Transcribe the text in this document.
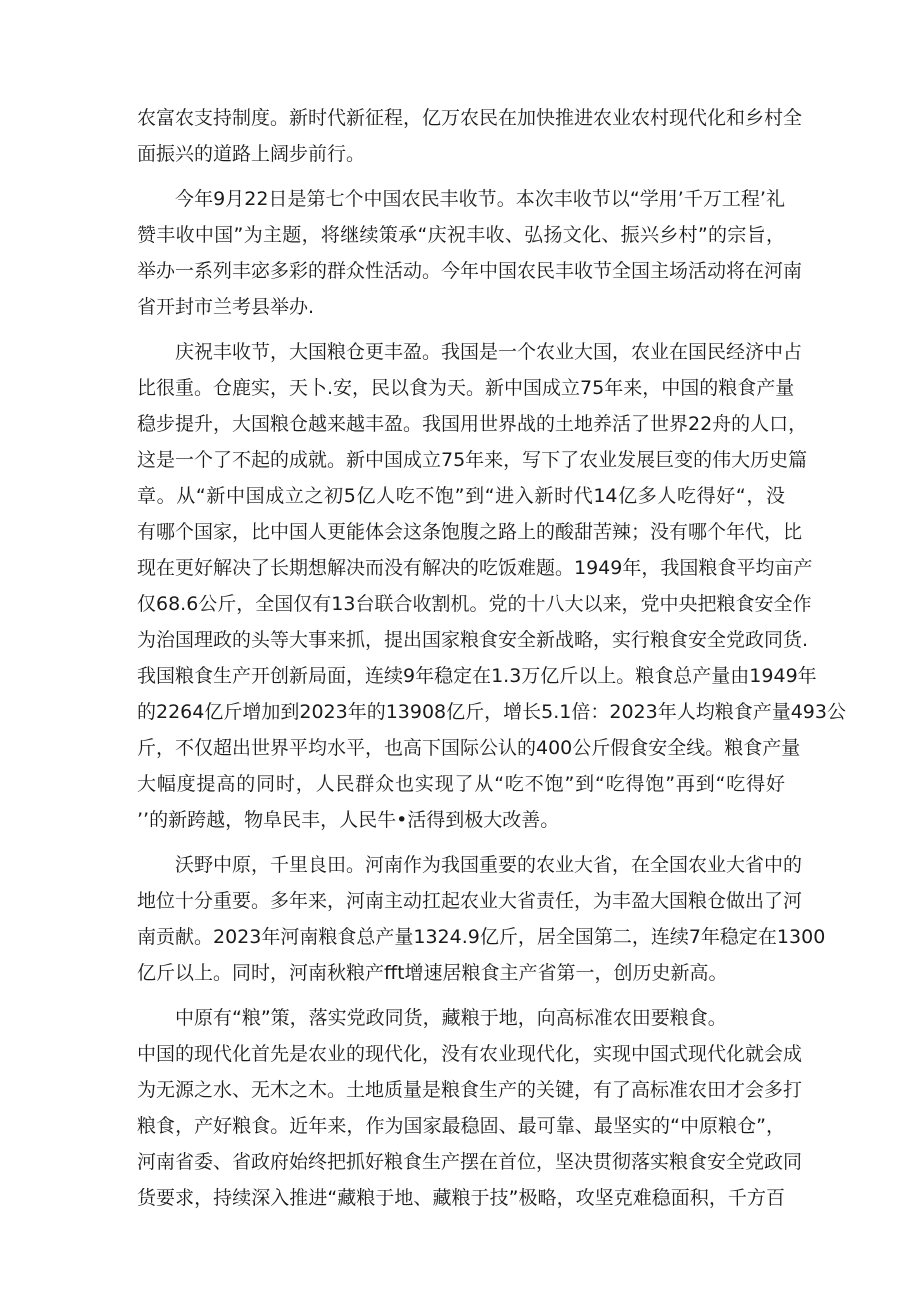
农富农支持制度。新时代新征程，亿万农民在加快推进农业农村现代化和乡村全
面振兴的道路上阔步前行。
　　今年9月22日是第七个中国农民丰收节。本次丰收节以“学用’千万工程’礼
赞丰收中国”为主题，将继续策承“庆祝丰收、弘扬文化、振兴乡村”的宗旨，
举办一系列丰宓多彩的群众性活动。今年中国农民丰收节全国主场活动将在河南
省开封市兰考县举办.
　　庆祝丰收节，大国粮仓更丰盈。我国是一个农业大国，农业在国民经济中占
比很重。仓鹿实，天卜.安，民以食为天。新中国成立75年来，中国的粮食产量
稳步提升，大国粮仓越来越丰盈。我国用世界战的土地养活了世界22舟的人口，
这是一个了不起的成就。新中国成立75年来，写下了农业发展巨变的伟大历史篇
章。从“新中国成立之初5亿人吃不饱”到“进入新时代14亿多人吃得好“，没
有哪个国家，比中国人更能体会这条饱腹之路上的酸甜苦辣；没有哪个年代，比
现在更好解决了长期想解决而没有解决的吃饭难题。1949年，我国粮食平均亩产
仅68.6公斤，全国仅有13台联合收割机。党的十八大以来，党中央把粮食安全作
为治国理政的头等大事来抓，提出国家粮食安全新战略，实行粮食安全党政同货.
我国粮食生产开创新局面，连续9年稳定在1.3万亿斤以上。粮食总产量由1949年
的2264亿斤增加到2023年的13908亿斤，增长5.1倍：2023年人均粮食产量493公
斤，不仅超出世界平均水平，也高下国际公认的400公斤假食安全线。粮食产量
大幅度提高的同时，人民群众也实现了从“吃不饱”到“吃得饱”再到“吃得好
’’的新跨越，物阜民丰，人民牛•活得到极大改善。
　　沃野中原，千里良田。河南作为我国重要的农业大省，在全国农业大省中的
地位十分重要。多年来，河南主动扛起农业大省责任，为丰盈大国粮仓做出了河
南贡献。2023年河南粮食总产量1324.9亿斤，居全国第二，连续7年稳定在1300
亿斤以上。同时，河南秋粮产fft增速居粮食主产省第一，创历史新高。
　　中原有“粮”策，落实党政同货，藏粮于地，向高标准农田要粮食。
中国的现代化首先是农业的现代化，没有农业现代化，实现中国式现代化就会成
为无源之水、无木之木。土地质量是粮食生产的关键，有了高标准农田才会多打
粮食，产好粮食。近年来，作为国家最稳固、最可靠、最坚实的“中原粮仓”，
河南省委、省政府始终把抓好粮食生产摆在首位，坚决贯彻落实粮食安全党政同
货要求，持续深入推进“藏粮于地、藏粮于技”极略，攻坚克难稳面积，千方百
